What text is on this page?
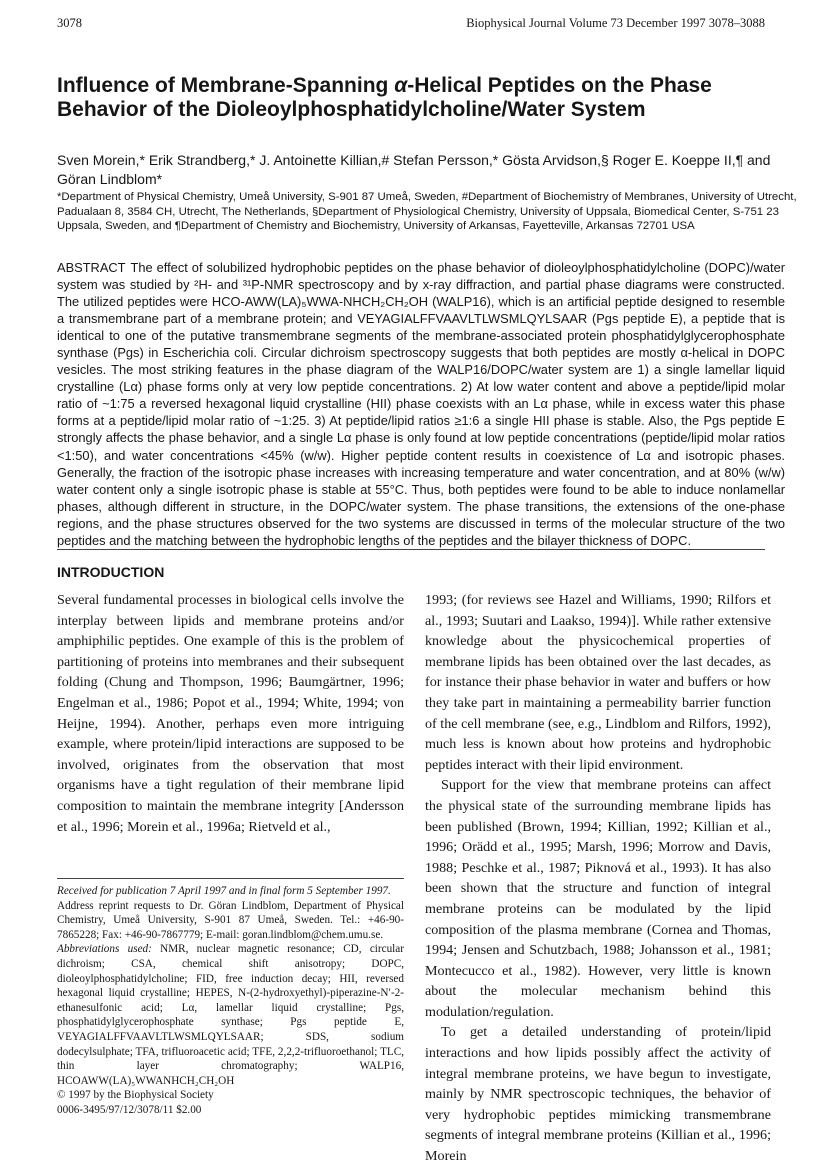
3078	Biophysical Journal Volume 73 December 1997 3078–3088
Influence of Membrane-Spanning α-Helical Peptides on the Phase Behavior of the Dioleoylphosphatidylcholine/Water System

Sven Morein,* Erik Strandberg,* J. Antoinette Killian,# Stefan Persson,* Gösta Arvidson,§ Roger E. Koeppe II,¶ and Göran Lindblom*

*Department of Physical Chemistry, Umeå University, S-901 87 Umeå, Sweden, #Department of Biochemistry of Membranes, University of Utrecht, Padualaan 8, 3584 CH, Utrecht, The Netherlands, §Department of Physiological Chemistry, University of Uppsala, Biomedical Center, S-751 23 Uppsala, Sweden, and ¶Department of Chemistry and Biochemistry, University of Arkansas, Fayetteville, Arkansas 72701 USA

ABSTRACT The effect of solubilized hydrophobic peptides on the phase behavior of dioleoylphosphatidylcholine (DOPC)/water system was studied by ²H- and ³¹P-NMR spectroscopy and by x-ray diffraction, and partial phase diagrams were constructed. The utilized peptides were HCO-AWW(LA)₅WWA-NHCH₂CH₂OH (WALP16), which is an artificial peptide designed to resemble a transmembrane part of a membrane protein; and VEYAGIALFFVAAVLTLWSMLQYLSAAR (Pgs peptide E), a peptide that is identical to one of the putative transmembrane segments of the membrane-associated protein phosphatidylglycerophosphate synthase (Pgs) in Escherichia coli. Circular dichroism spectroscopy suggests that both peptides are mostly α-helical in DOPC vesicles. The most striking features in the phase diagram of the WALP16/DOPC/water system are 1) a single lamellar liquid crystalline (Lα) phase forms only at very low peptide concentrations. 2) At low water content and above a peptide/lipid molar ratio of ~1:75 a reversed hexagonal liquid crystalline (HII) phase coexists with an Lα phase, while in excess water this phase forms at a peptide/lipid molar ratio of ~1:25. 3) At peptide/lipid ratios ≥1:6 a single HII phase is stable. Also, the Pgs peptide E strongly affects the phase behavior, and a single Lα phase is only found at low peptide concentrations (peptide/lipid molar ratios <1:50), and water concentrations <45% (w/w). Higher peptide content results in coexistence of Lα and isotropic phases. Generally, the fraction of the isotropic phase increases with increasing temperature and water concentration, and at 80% (w/w) water content only a single isotropic phase is stable at 55°C. Thus, both peptides were found to be able to induce nonlamellar phases, although different in structure, in the DOPC/water system. The phase transitions, the extensions of the one-phase regions, and the phase structures observed for the two systems are discussed in terms of the molecular structure of the two peptides and the matching between the hydrophobic lengths of the peptides and the bilayer thickness of DOPC.

INTRODUCTION

Several fundamental processes in biological cells involve the interplay between lipids and membrane proteins and/or amphiphilic peptides. One example of this is the problem of partitioning of proteins into membranes and their subsequent folding (Chung and Thompson, 1996; Baumgärtner, 1996; Engelman et al., 1986; Popot et al., 1994; White, 1994; von Heijne, 1994). Another, perhaps even more intriguing example, where protein/lipid interactions are supposed to be involved, originates from the observation that most organisms have a tight regulation of their membrane lipid composition to maintain the membrane integrity [Andersson et al., 1996; Morein et al., 1996a; Rietveld et al.,

1993; (for reviews see Hazel and Williams, 1990; Rilfors et al., 1993; Suutari and Laakso, 1994)]. While rather extensive knowledge about the physicochemical properties of membrane lipids has been obtained over the last decades, as for instance their phase behavior in water and buffers or how they take part in maintaining a permeability barrier function of the cell membrane (see, e.g., Lindblom and Rilfors, 1992), much less is known about how proteins and hydrophobic peptides interact with their lipid environment.

Support for the view that membrane proteins can affect the physical state of the surrounding membrane lipids has been published (Brown, 1994; Killian, 1992; Killian et al., 1996; Orädd et al., 1995; Marsh, 1996; Morrow and Davis, 1988; Peschke et al., 1987; Piknová et al., 1993). It has also been shown that the structure and function of integral membrane proteins can be modulated by the lipid composition of the plasma membrane (Cornea and Thomas, 1994; Jensen and Schutzbach, 1988; Johansson et al., 1981; Montecucco et al., 1982). However, very little is known about the molecular mechanism behind this modulation/regulation.

To get a detailed understanding of protein/lipid interactions and how lipids possibly affect the activity of integral membrane proteins, we have begun to investigate, mainly by NMR spectroscopic techniques, the behavior of very hydrophobic peptides mimicking transmembrane segments of integral membrane proteins (Killian et al., 1996; Morein

Received for publication 7 April 1997 and in final form 5 September 1997.

Address reprint requests to Dr. Göran Lindblom, Department of Physical Chemistry, Umeå University, S-901 87 Umeå, Sweden. Tel.: +46-90-7865228; Fax: +46-90-7867779; E-mail: goran.lindblom@chem.umu.se.

Abbreviations used: NMR, nuclear magnetic resonance; CD, circular dichroism; CSA, chemical shift anisotropy; DOPC, dioleoylphosphatidylcholine; FID, free induction decay; HII, reversed hexagonal liquid crystalline; HEPES, N-(2-hydroxyethyl)-piperazine-N′-2-ethanesulfonic acid; Lα, lamellar liquid crystalline; Pgs, phosphatidylglycerophosphate synthase; Pgs peptide E, VEYAGIALFFVAAVLTLWSMLQYLSAAR; SDS, sodium dodecylsulphate; TFA, trifluoroacetic acid; TFE, 2,2,2-trifluoroethanol; TLC, thin layer chromatography; WALP16, HCOAWW(LA)₅WWANHCH₂CH₂OH

© 1997 by the Biophysical Society

0006-3495/97/12/3078/11 $2.00
